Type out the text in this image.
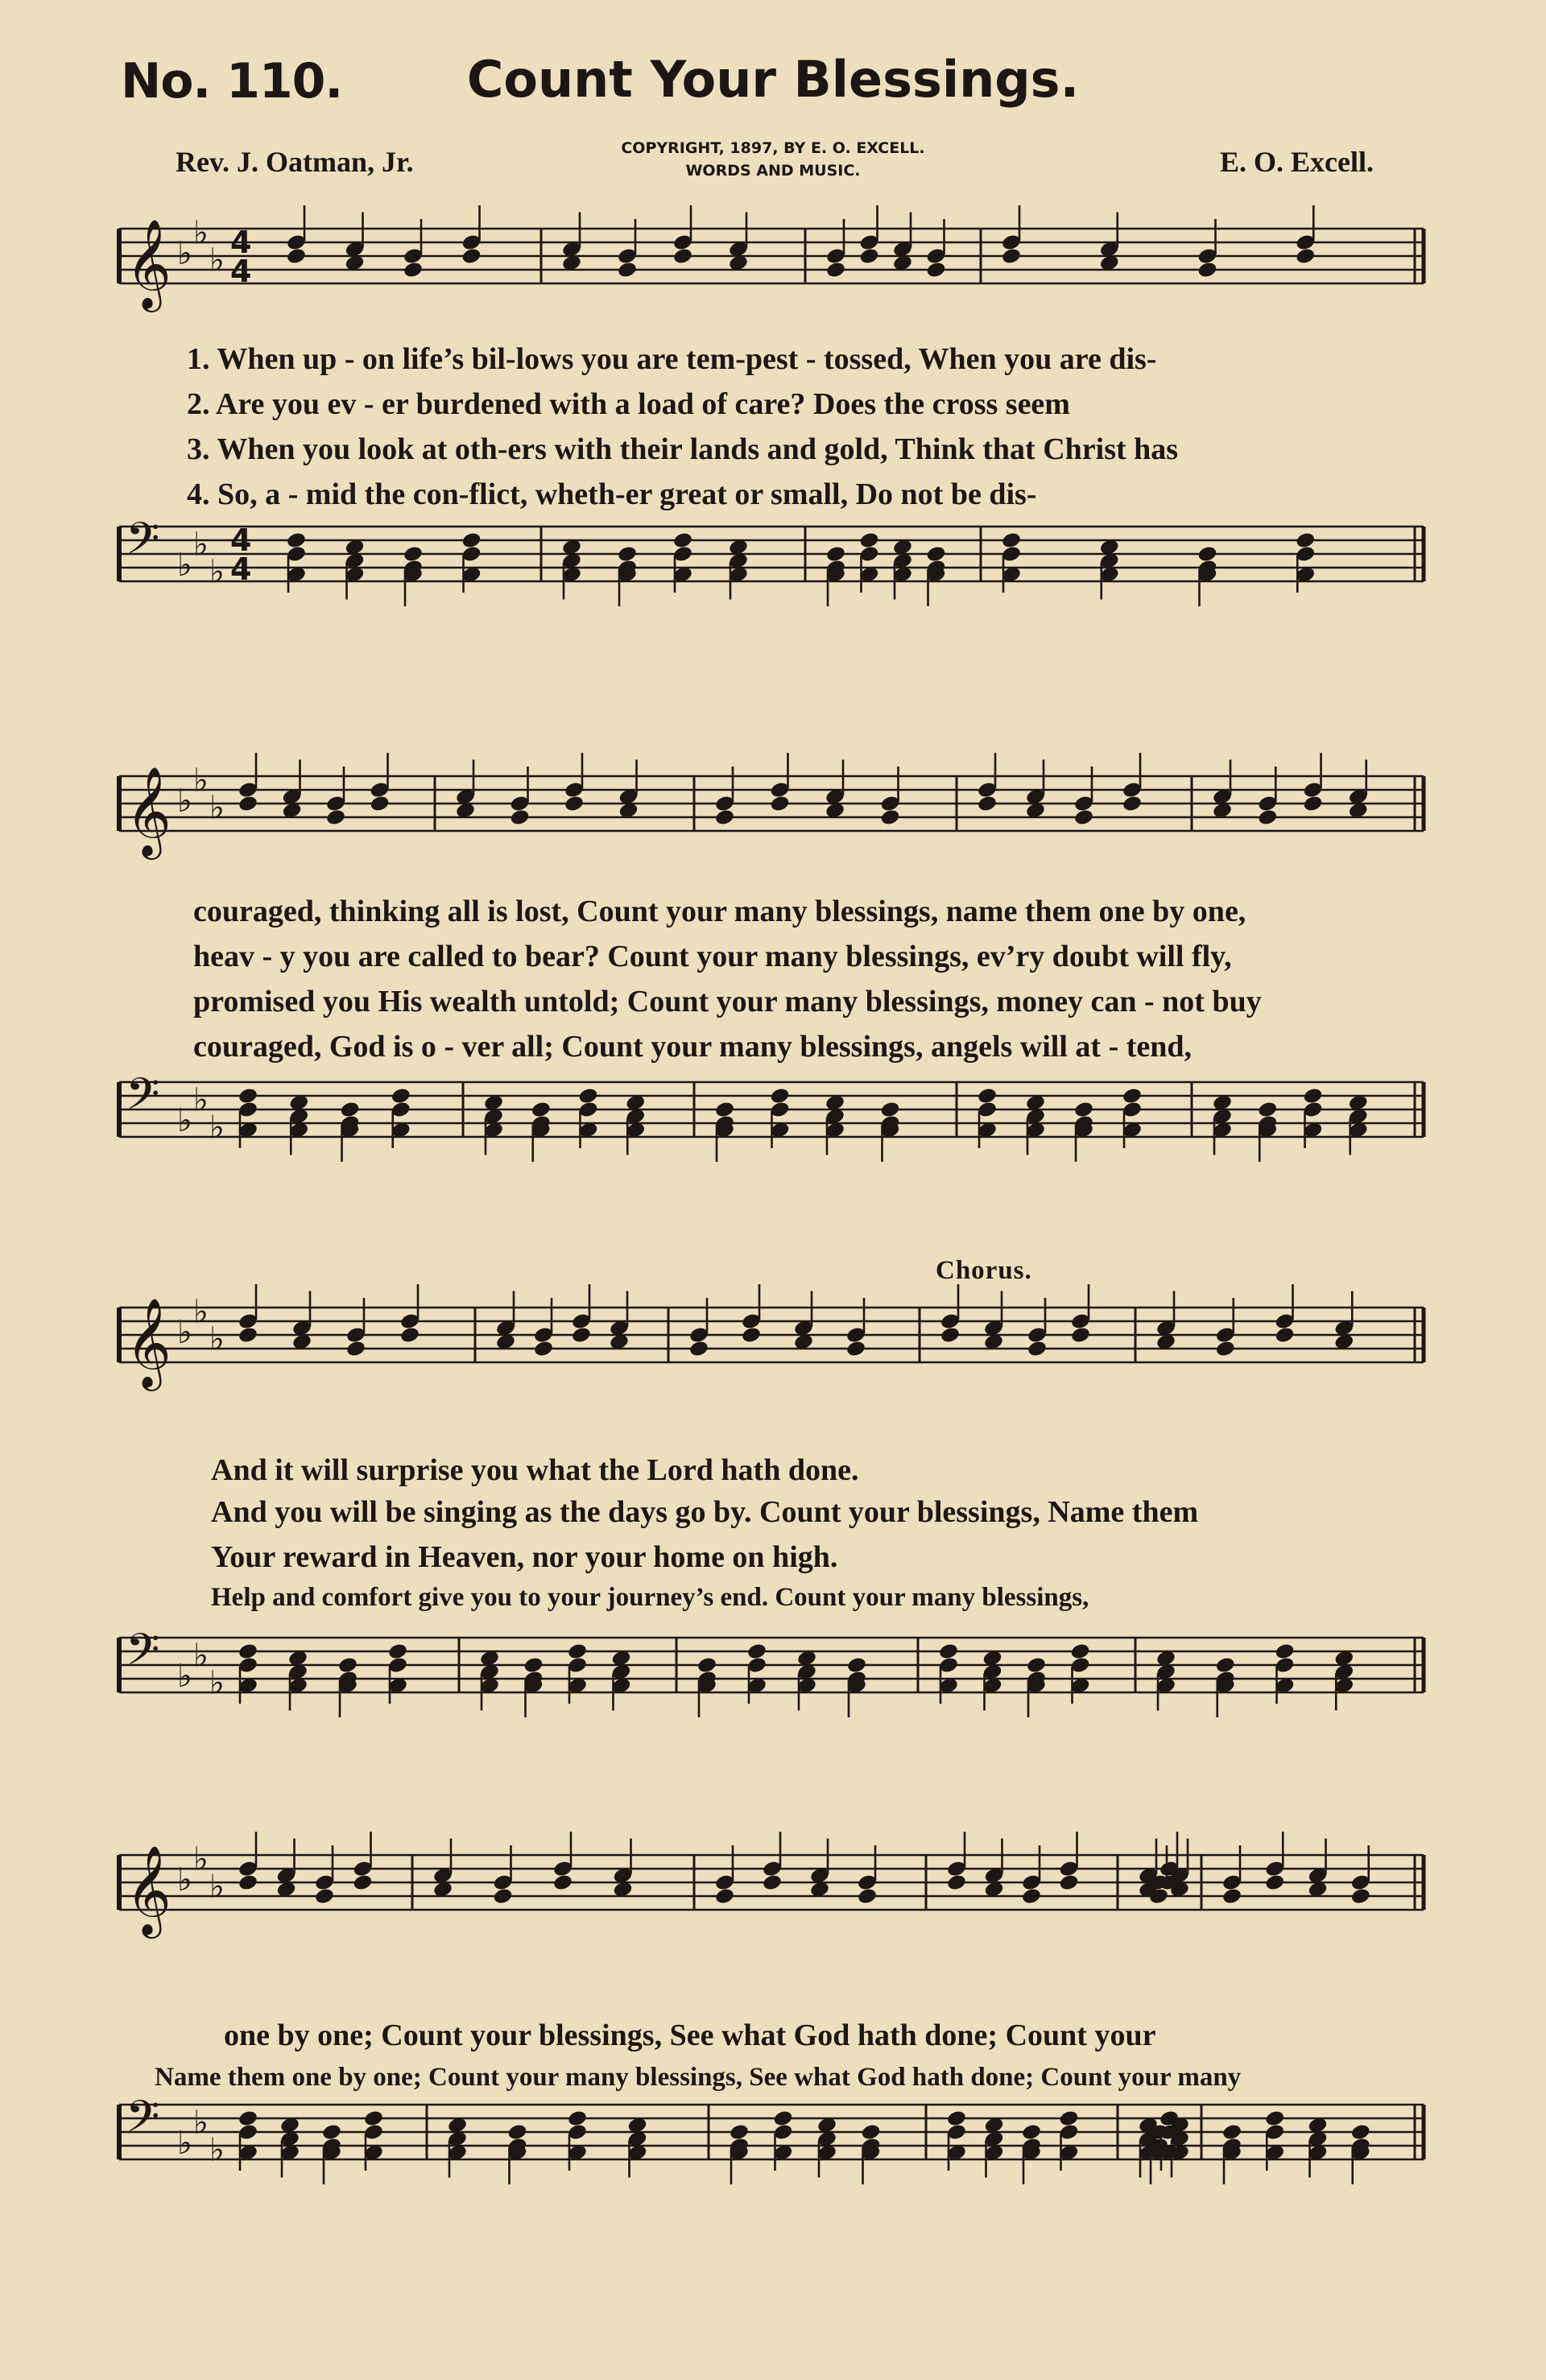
No. 110.	Count Your Blessings.
Rev. J. Oatman, Jr.	COPYRIGHT, 1897, BY E. O. EXCELL.
WORDS AND MUSIC.	E. O. Excell.
𝄞 ♭
♭
♭ 4
4
1. When up - on life’s bil-lows you are tem-pest - tossed, When you are dis-
2. Are you ev - er burdened with a load of care? Does the cross seem
3. When you look at oth-ers with their lands and gold, Think that Christ has
4. So, a - mid the con-flict, wheth-er great or small, Do not be dis-
𝄢 ♭
♭
♭
4
4
𝄞 ♭
♭
♭
couraged, thinking all is lost, Count your many blessings, name them one by one,
heav - y you are called to bear? Count your many blessings, ev’ry doubt will fly,
promised you His wealth untold; Count your many blessings, money can - not buy
couraged, God is o - ver all; Count your many blessings, angels will at - tend,
𝄢 ♭
♭
♭
Chorus.
𝄞 ♭
♭
♭
And it will surprise you what the Lord hath done.
And you will be singing as the days go by. Count your blessings, Name them
Your reward in Heaven, nor your home on high.
Help and comfort give you to your journey’s end. Count your many blessings,
𝄢 ♭
♭
♭
𝄞 ♭
♭
♭
one by one; Count your blessings, See what God hath done; Count your
Name them one by one; Count your many blessings, See what God hath done; Count your many
𝄢 ♭
♭
♭
